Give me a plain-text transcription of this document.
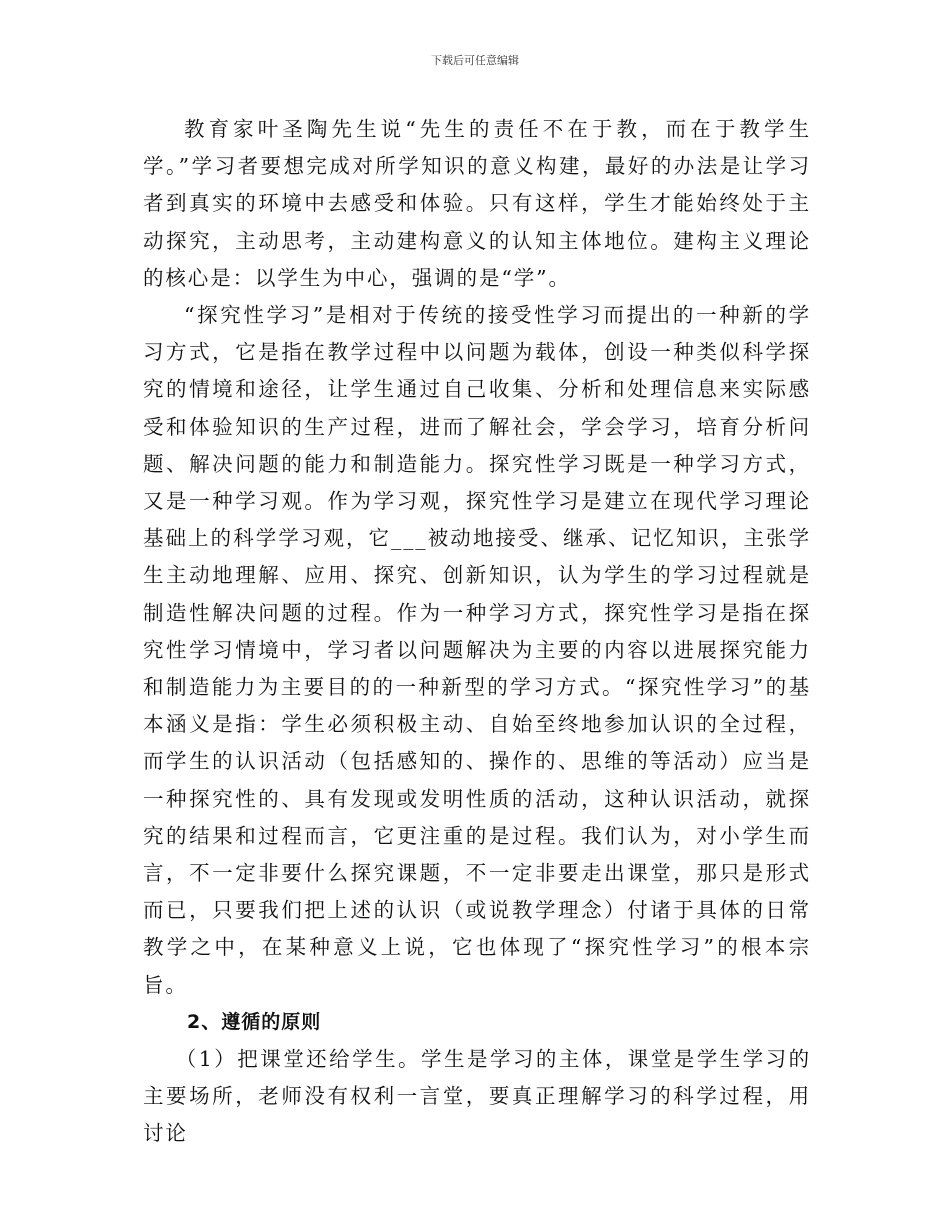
下载后可任意编辑

教育家叶圣陶先生说“先生的责任不在于教，而在于教学生学。”学习者要想完成对所学知识的意义构建，最好的办法是让学习者到真实的环境中去感受和体验。只有这样，学生才能始终处于主动探究，主动思考，主动建构意义的认知主体地位。建构主义理论的核心是：以学生为中心，强调的是“学”。

“探究性学习”是相对于传统的接受性学习而提出的一种新的学习方式，它是指在教学过程中以问题为载体，创设一种类似科学探究的情境和途径，让学生通过自己收集、分析和处理信息来实际感受和体验知识的生产过程，进而了解社会，学会学习，培育分析问题、解决问题的能力和制造能力。探究性学习既是一种学习方式，又是一种学习观。作为学习观，探究性学习是建立在现代学习理论基础上的科学学习观，它___被动地接受、继承、记忆知识，主张学生主动地理解、应用、探究、创新知识，认为学生的学习过程就是制造性解决问题的过程。作为一种学习方式，探究性学习是指在探究性学习情境中，学习者以问题解决为主要的内容以进展探究能力和制造能力为主要目的的一种新型的学习方式。“探究性学习”的基本涵义是指：学生必须积极主动、自始至终地参加认识的全过程，而学生的认识活动（包括感知的、操作的、思维的等活动）应当是一种探究性的、具有发现或发明性质的活动，这种认识活动，就探究的结果和过程而言，它更注重的是过程。我们认为，对小学生而言，不一定非要什么探究课题，不一定非要走出课堂，那只是形式而已，只要我们把上述的认识（或说教学理念）付诸于具体的日常教学之中，在某种意义上说，它也体现了“探究性学习”的根本宗旨。

2、遵循的原则

（1）把课堂还给学生。学生是学习的主体，课堂是学生学习的主要场所，老师没有权利一言堂，要真正理解学习的科学过程，用讨论
